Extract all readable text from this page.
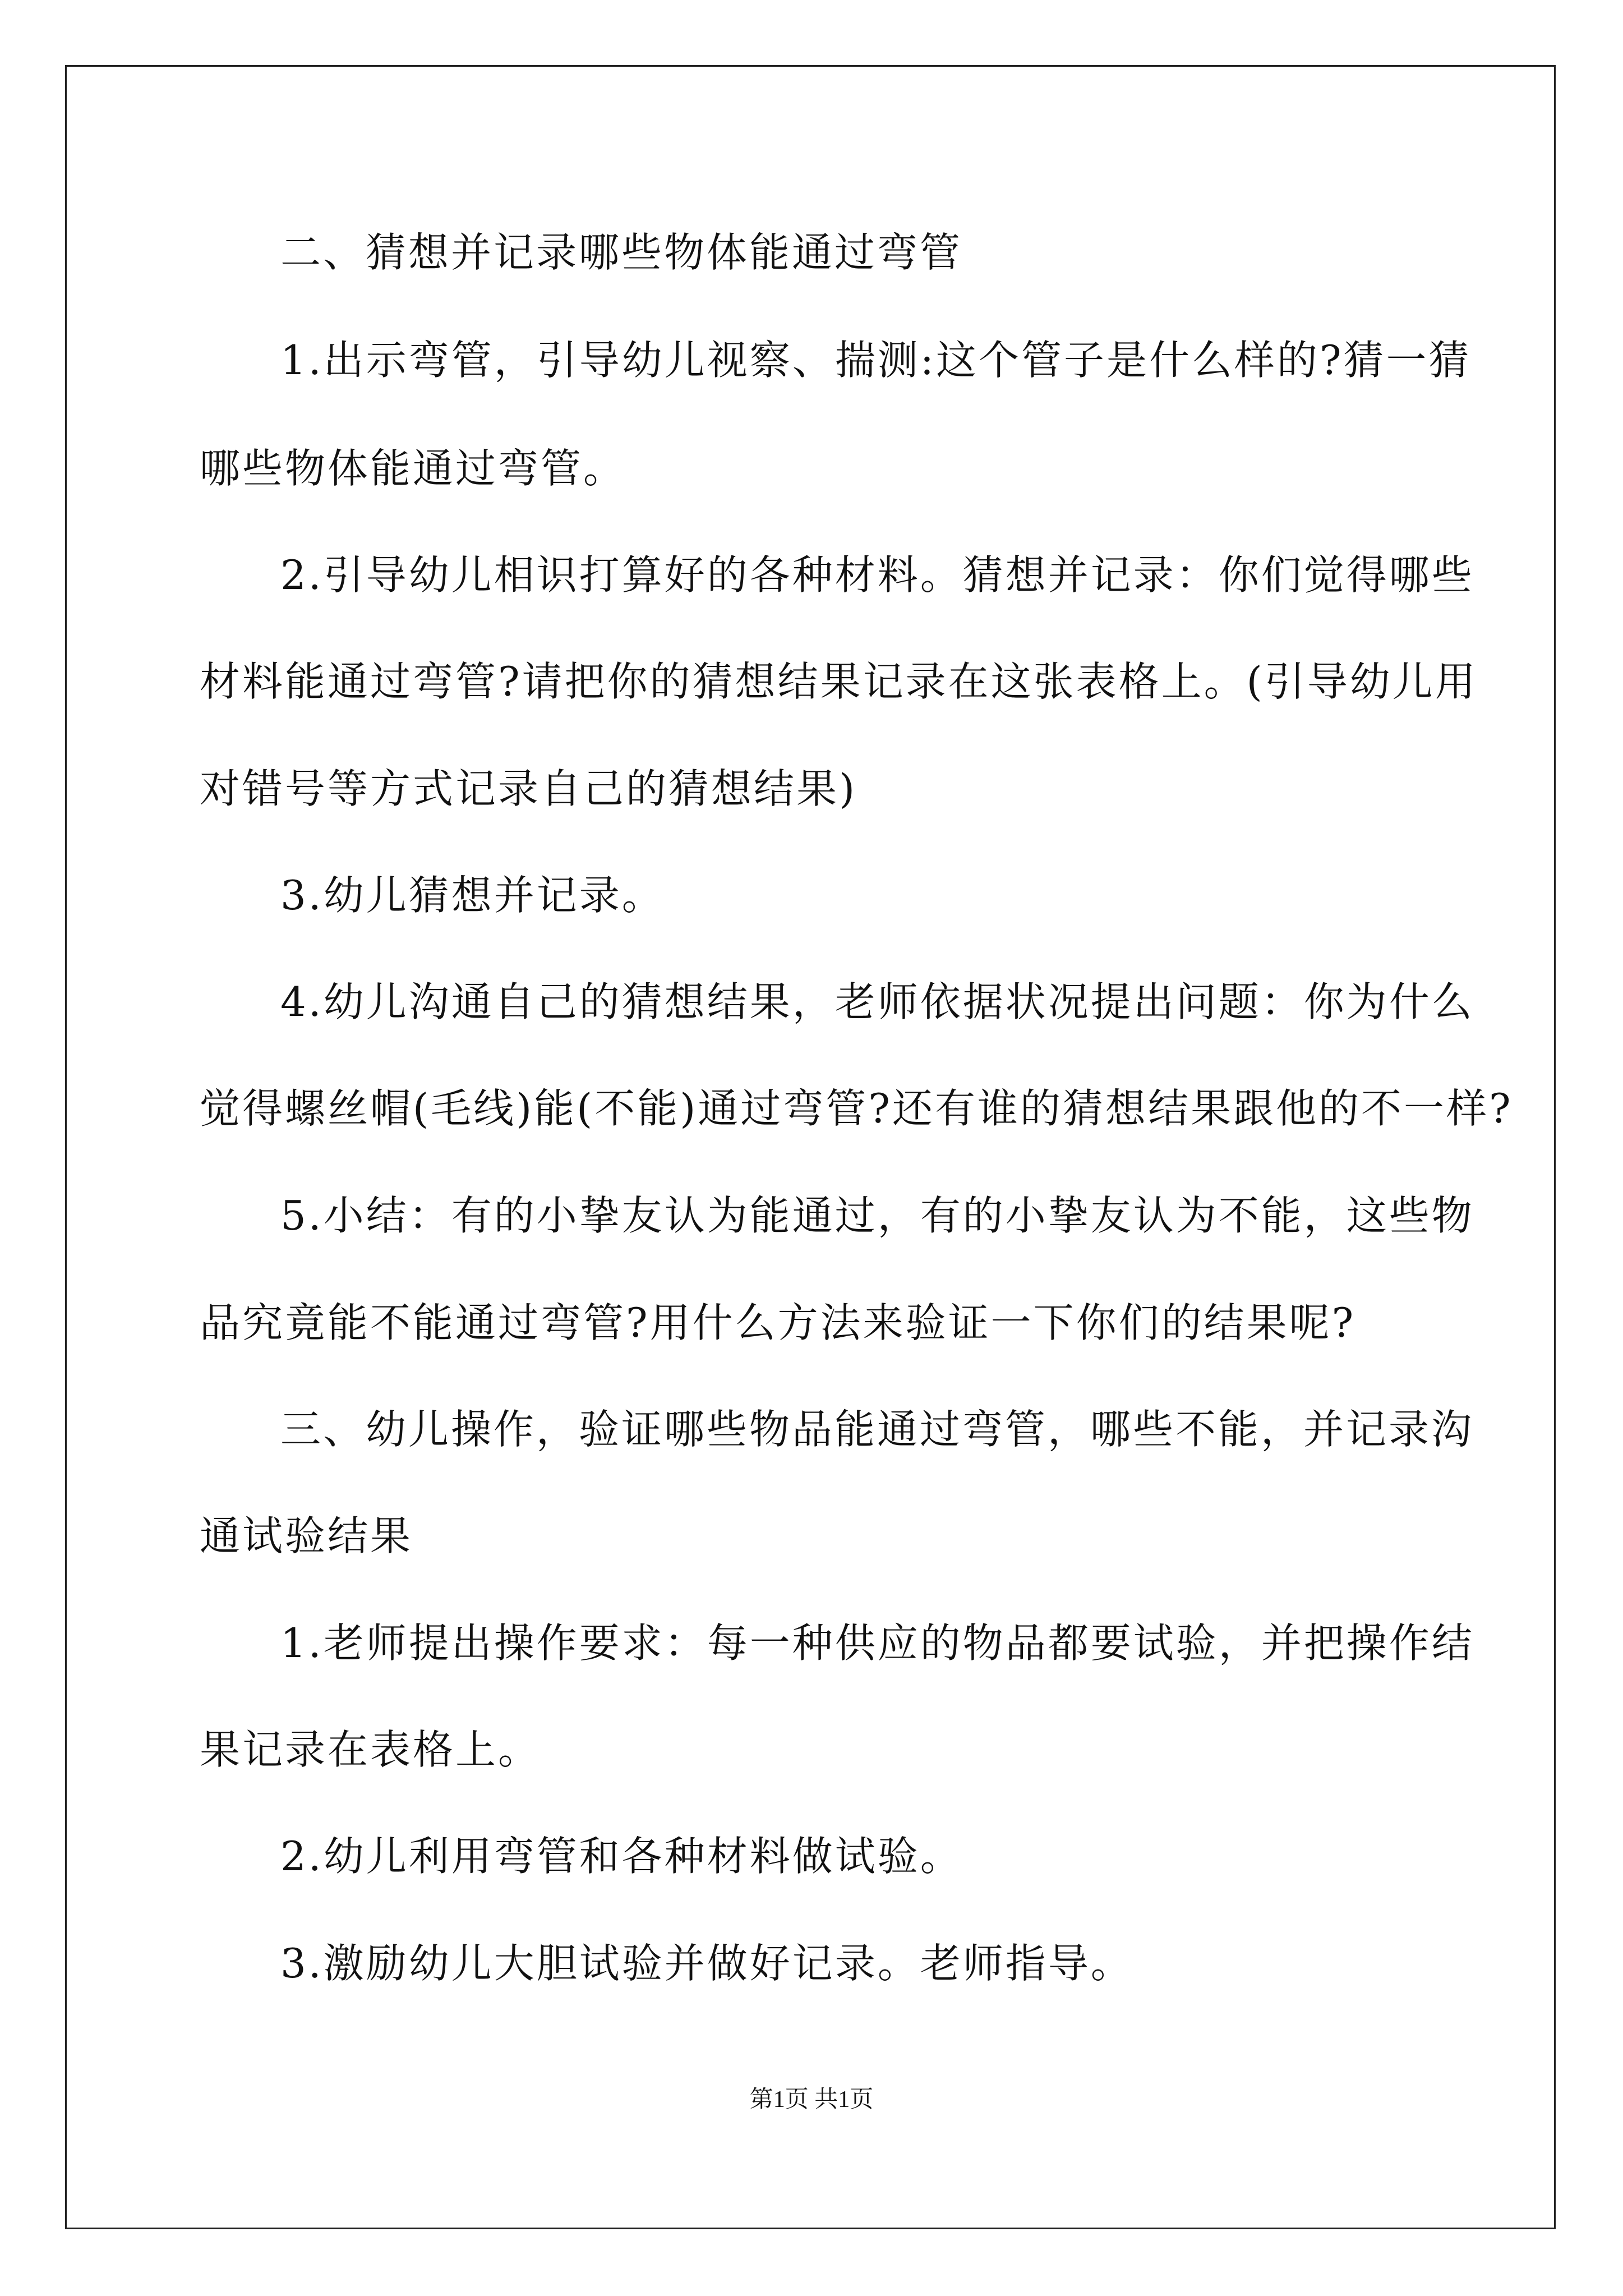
二、猜想并记录哪些物体能通过弯管
1.出示弯管，引导幼儿视察、揣测:这个管子是什么样的?猜一猜
哪些物体能通过弯管。
2.引导幼儿相识打算好的各种材料。猜想并记录：你们觉得哪些
材料能通过弯管?请把你的猜想结果记录在这张表格上。(引导幼儿用
对错号等方式记录自己的猜想结果)
3.幼儿猜想并记录。
4.幼儿沟通自己的猜想结果，老师依据状况提出问题：你为什么
觉得螺丝帽(毛线)能(不能)通过弯管?还有谁的猜想结果跟他的不一样?
5.小结：有的小挚友认为能通过，有的小挚友认为不能，这些物
品究竟能不能通过弯管?用什么方法来验证一下你们的结果呢?
三、幼儿操作，验证哪些物品能通过弯管，哪些不能，并记录沟
通试验结果
1.老师提出操作要求：每一种供应的物品都要试验，并把操作结
果记录在表格上。
2.幼儿利用弯管和各种材料做试验。
3.激励幼儿大胆试验并做好记录。老师指导。
第1页 共1页
